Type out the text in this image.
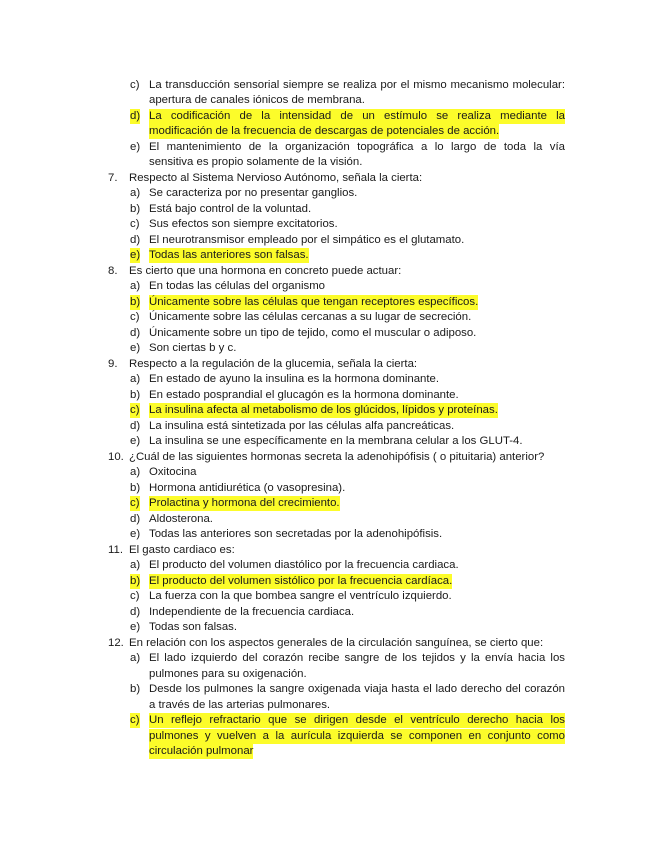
c) La transducción sensorial siempre se realiza por el mismo mecanismo molecular:
apertura de canales iónicos de membrana.
d) La codificación de la intensidad de un estímulo se realiza mediante la
modificación de la frecuencia de descargas de potenciales de acción.
e) El mantenimiento de la organización topográfica a lo largo de toda la vía
sensitiva es propio solamente de la visión.
7. Respecto al Sistema Nervioso Autónomo, señala la cierta:
a) Se caracteriza por no presentar ganglios.
b) Está bajo control de la voluntad.
c) Sus efectos son siempre excitatorios.
d) El neurotransmisor empleado por el simpático es el glutamato.
e) Todas las anteriores son falsas.
8. Es cierto que una hormona en concreto puede actuar:
a) En todas las células del organismo
b) Únicamente sobre las células que tengan receptores específicos.
c) Únicamente sobre las células cercanas a su lugar de secreción.
d) Únicamente sobre un tipo de tejido, como el muscular o adiposo.
e) Son ciertas b y c.
9. Respecto a la regulación de la glucemia, señala la cierta:
a) En estado de ayuno la insulina es la hormona dominante.
b) En estado posprandial el glucagón es la hormona dominante.
c) La insulina afecta al metabolismo de los glúcidos, lípidos y proteínas.
d) La insulina está sintetizada por las células alfa pancreáticas.
e) La insulina se une específicamente en la membrana celular a los GLUT-4.
10. ¿Cuál de las siguientes hormonas secreta la adenohipófisis ( o pituitaria) anterior?
a) Oxitocina
b) Hormona antidiurética (o vasopresina).
c) Prolactina y hormona del crecimiento.
d) Aldosterona.
e) Todas las anteriores son secretadas por la adenohipófisis.
11. El gasto cardiaco es:
a) El producto del volumen diastólico por la frecuencia cardiaca.
b) El producto del volumen sistólico por la frecuencia cardíaca.
c) La fuerza con la que bombea sangre el ventrículo izquierdo.
d) Independiente de la frecuencia cardiaca.
e) Todas son falsas.
12. En relación con los aspectos generales de la circulación sanguínea, se cierto que:
a) El lado izquierdo del corazón recibe sangre de los tejidos y la envía hacia los
pulmones para su oxigenación.
b) Desde los pulmones la sangre oxigenada viaja hasta el lado derecho del corazón
a través de las arterias pulmonares.
c) Un reflejo refractario que se dirigen desde el ventrículo derecho hacia los
pulmones y vuelven a la aurícula izquierda se componen en conjunto como
circulación pulmonar
